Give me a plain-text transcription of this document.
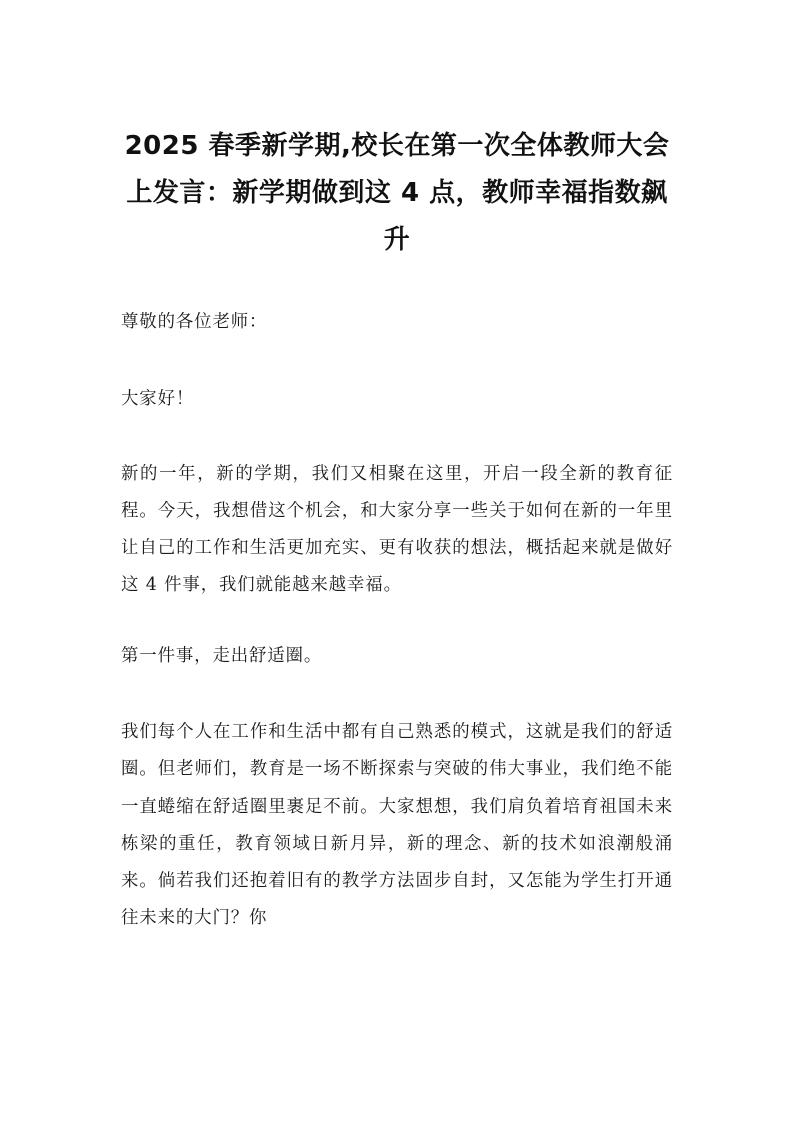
2025 春季新学期,校长在第一次全体教师大会上发言：新学期做到这 4 点，教师幸福指数飙升

尊敬的各位老师：

大家好！

新的一年，新的学期，我们又相聚在这里，开启一段全新的教育征程。今天，我想借这个机会，和大家分享一些关于如何在新的一年里让自己的工作和生活更加充实、更有收获的想法，概括起来就是做好这 4 件事，我们就能越来越幸福。

第一件事，走出舒适圈。

我们每个人在工作和生活中都有自己熟悉的模式，这就是我们的舒适圈。但老师们，教育是一场不断探索与突破的伟大事业，我们绝不能一直蜷缩在舒适圈里裹足不前。大家想想，我们肩负着培育祖国未来栋梁的重任，教育领域日新月异，新的理念、新的技术如浪潮般涌来。倘若我们还抱着旧有的教学方法固步自封，又怎能为学生打开通往未来的大门？你
